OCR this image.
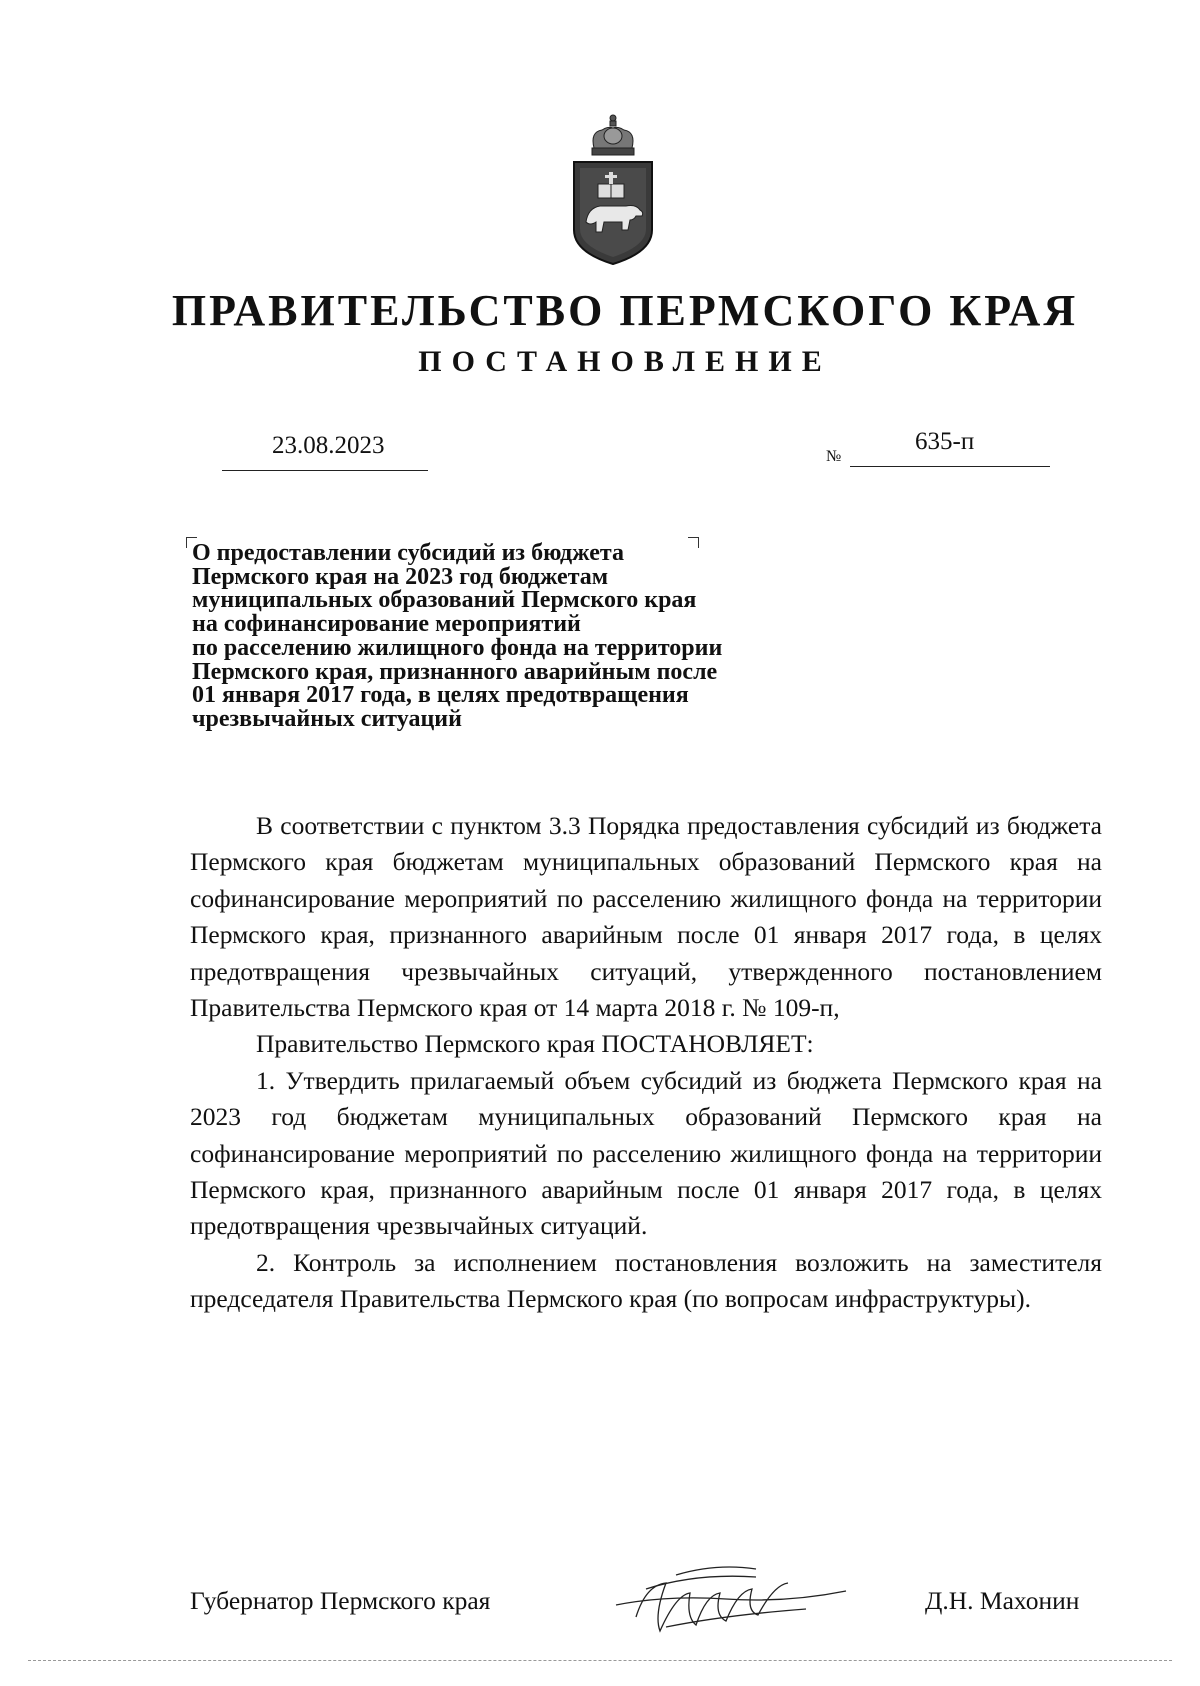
ПРАВИТЕЛЬСТВО ПЕРМСКОГО КРАЯ
ПОСТАНОВЛЕНИЕ
23.08.2023	№
635-п
О предоставлении субсидий из бюджета
Пермского края на 2023 год бюджетам
муниципальных образований Пермского края
на софинансирование мероприятий
по расселению жилищного фонда на территории
Пермского края, признанного аварийным после
01 января 2017 года, в целях предотвращения
чрезвычайных ситуаций

В соответствии с пунктом 3.3 Порядка предоставления субсидий из бюджета Пермского края бюджетам муниципальных образований Пермского края на софинансирование мероприятий по расселению жилищного фонда на территории Пермского края, признанного аварийным после 01 января 2017 года, в целях предотвращения чрезвычайных ситуаций, утвержденного постановлением Правительства Пермского края от 14 марта 2018 г. № 109-п,

Правительство Пермского края ПОСТАНОВЛЯЕТ:

1. Утвердить прилагаемый объем субсидий из бюджета Пермского края на 2023 год бюджетам муниципальных образований Пермского края на софинансирование мероприятий по расселению жилищного фонда на территории Пермского края, признанного аварийным после 01 января 2017 года, в целях предотвращения чрезвычайных ситуаций.

2. Контроль за исполнением постановления возложить на заместителя председателя Правительства Пермского края (по вопросам инфраструктуры).

Губернатор Пермского края	Д.Н. Махонин
